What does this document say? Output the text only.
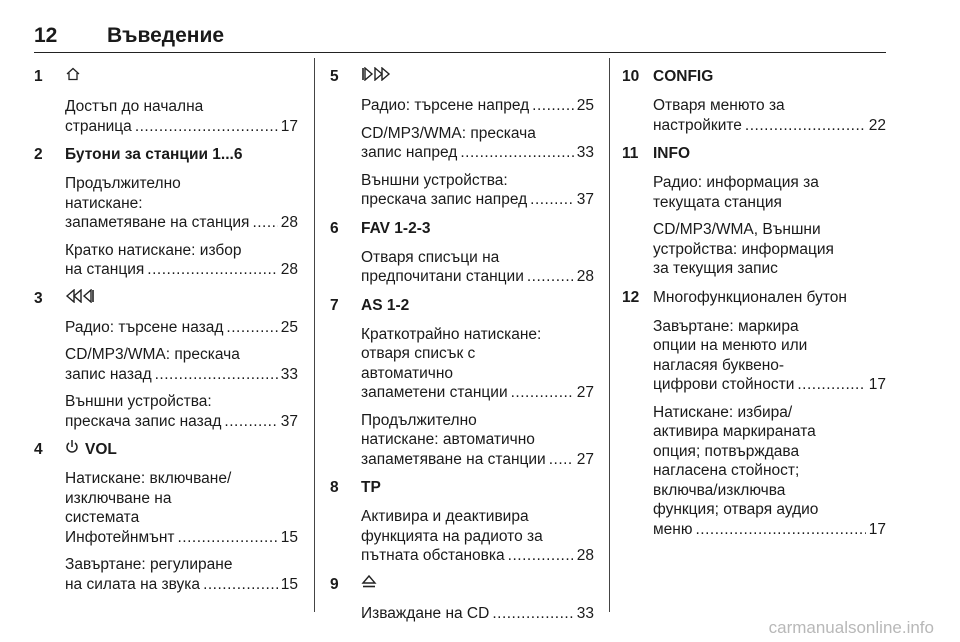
12 Въведение
1
Достъп до начална
страница .....	17
2 Бутони за станции 1...6
Продължително
натискане:
запаметяване на станция ..... 28
Кратко натискане: избор
на станция .....	28
3
Радио: търсене назад .....	25
CD/MP3/WMA: прескача
запис назад .....	33
Външни устройства:
прескача запис назад .....	37
4	VOL
Натискане: включване/
изключване на
системата
Инфотейнмънт .....	15
Завъртане: регулиране
на силата на звука .....	15
5
Радио: търсене напред .....	25
CD/MP3/WMA: прескача
запис напред .....	33
Външни устройства:
прескача запис напред .....	37
6 FAV 1-2-3
Отваря списъци на
предпочитани станции .....	28
7 AS 1-2
Краткотрайно натискане:
отваря списък с
автоматично
запаметени станции .....	27
Продължително
натискане: автоматично
запаметяване на станции ..... 27
8 TP
Активира и деактивира
функцията на радиото за
пътната обстановка .....	28
9
Изваждане на CD .....	33
10 CONFIG
Отваря менюто за
настройките .....	22
11 INFO
Радио: информация за
текущата станция
CD/MP3/WMA, Външни
устройства: информация
за текущия запис
12 Многофункционален бутон
Завъртане: маркира
опции на менюто или
нагласяя буквено-
цифрови стойности .....	17
Натискане: избира/
активира маркираната
опция; потвърждава
нагласена стойност;
включва/изключва
функция; отваря аудио
меню .....	17
carmanualsonline.info
